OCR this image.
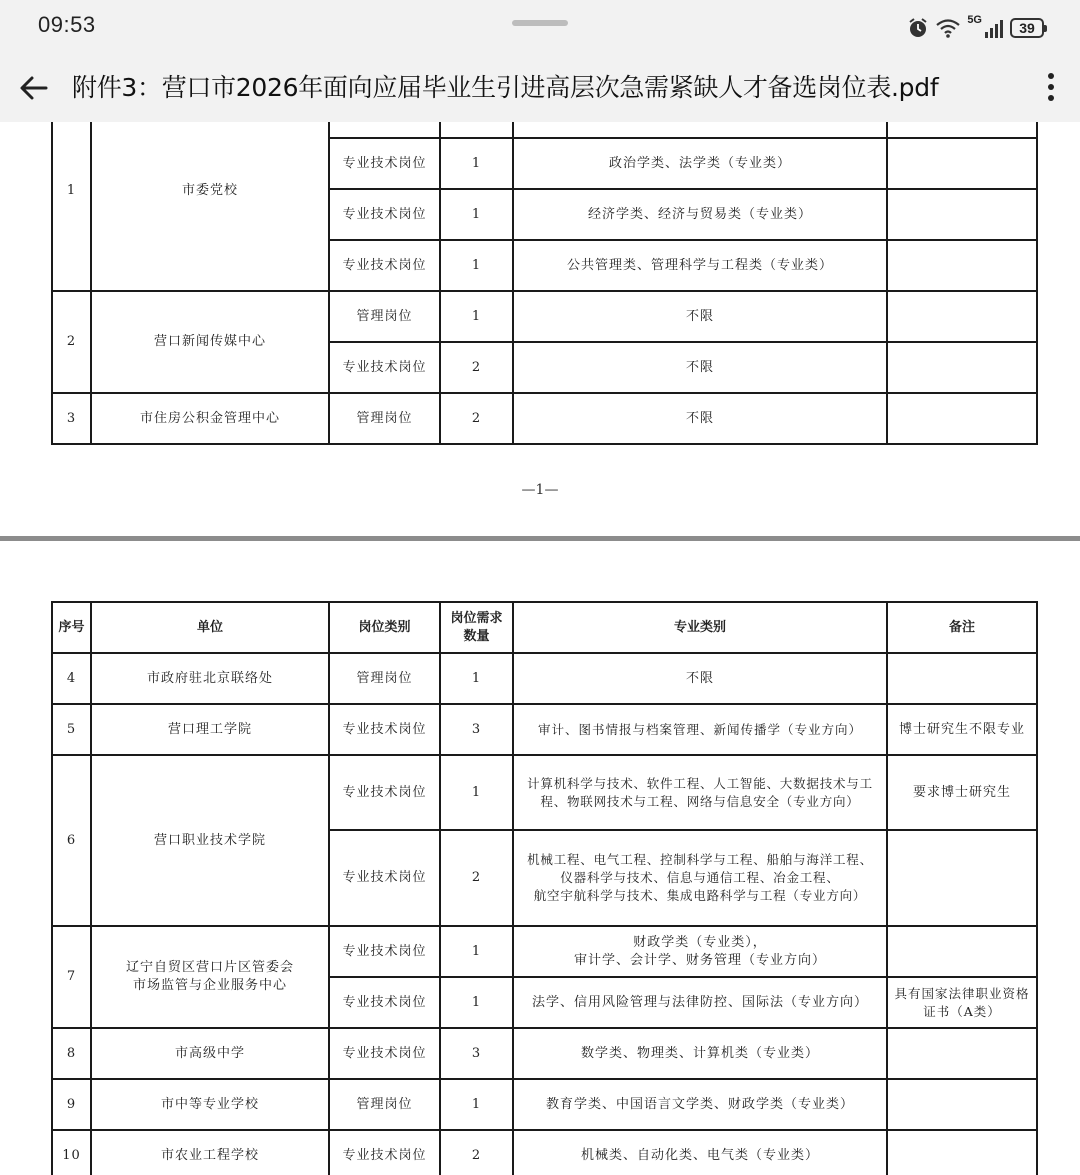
09:53	5G	39
附件3：营口市2026年面向应届毕业生引进高层次急需紧缺人才备选岗位表.pdf
1	市委党校				
		专业技术岗位	1	政治学类、法学类（专业类）	
		专业技术岗位	1	经济学类、经济与贸易类（专业类）	
		专业技术岗位	1	公共管理类、管理科学与工程类（专业类）	
2	营口新闻传媒中心	管理岗位	1	不限	
		专业技术岗位	2	不限	
3	市住房公积金管理中心	管理岗位	2	不限	
—1—
序号	单位	岗位类别	岗位需求
数量	专业类别	备注
4	市政府驻北京联络处	管理岗位	1	不限	
5	营口理工学院	专业技术岗位	3	审计、图书情报与档案管理、新闻传播学（专业方向）	博士研究生不限专业
6	营口职业技术学院	专业技术岗位	1	计算机科学与技术、软件工程、人工智能、大数据技术与工
程、物联网技术与工程、网络与信息安全（专业方向）	要求博士研究生
		专业技术岗位	2	机械工程、电气工程、控制科学与工程、船舶与海洋工程、
仪器科学与技术、信息与通信工程、冶金工程、
航空宇航科学与技术、集成电路科学与工程（专业方向）	
7	辽宁自贸区营口片区管委会
市场监管与企业服务中心	专业技术岗位	1	财政学类（专业类），
审计学、会计学、财务管理（专业方向）	
		专业技术岗位	1	法学、信用风险管理与法律防控、国际法（专业方向）	具有国家法律职业资格
证书（A类）
8	市高级中学	专业技术岗位	3	数学类、物理类、计算机类（专业类）	
9	市中等专业学校	管理岗位	1	教育学类、中国语言文学类、财政学类（专业类）	
10	市农业工程学校	专业技术岗位	2	机械类、自动化类、电气类（专业类）	
